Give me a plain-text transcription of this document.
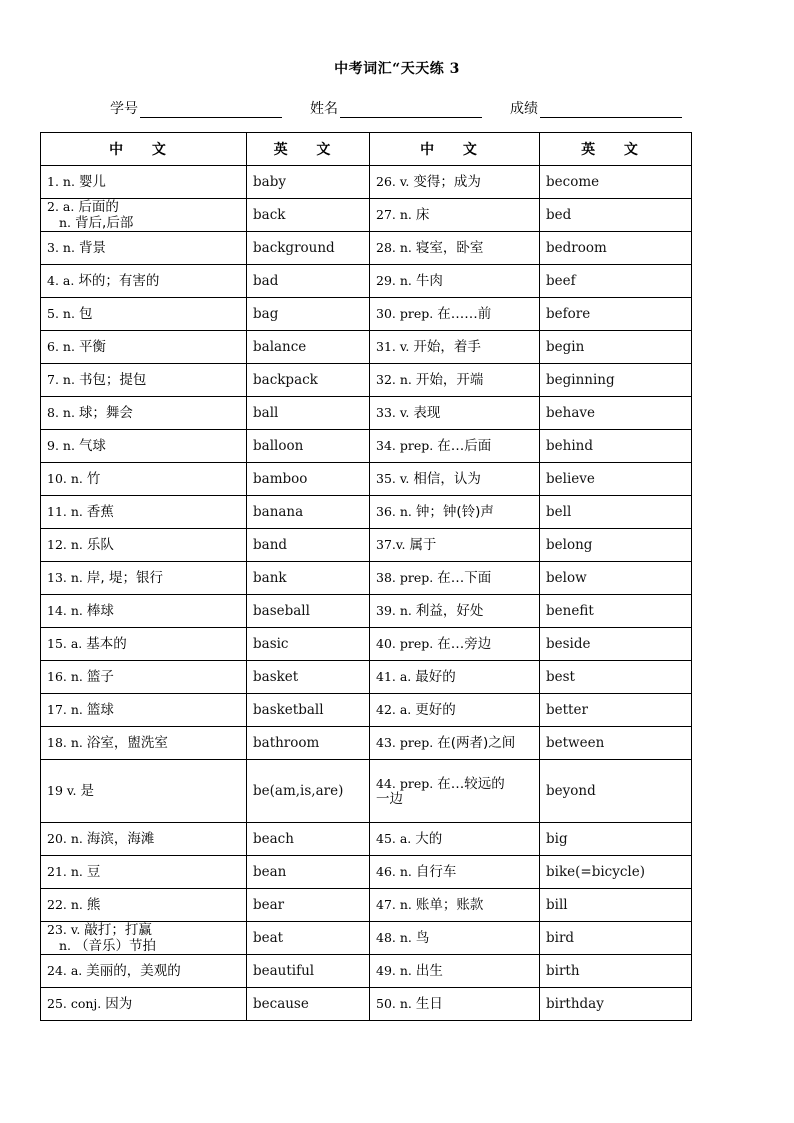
中考词汇“天天练 3
学号	姓名	成绩
中 文	英 文	中 文	英 文

1. n. 婴儿	baby	26. v. 变得；成为	become

2. a. 后面的
n. 背后,后部	back	27. n. 床	bed

3. n. 背景	background	28. n. 寝室，卧室	bedroom

4. a. 坏的；有害的	bad	29. n. 牛肉	beef

5. n. 包	bag	30. prep. 在……前	before

6. n. 平衡	balance	31. v. 开始，着手	begin

7. n. 书包；提包	backpack	32. n. 开始，开端	beginning

8. n. 球；舞会	ball	33. v. 表现	behave

9. n. 气球	balloon	34. prep. 在…后面	behind

10. n. 竹	bamboo	35. v. 相信，认为	believe

11. n. 香蕉	banana	36. n. 钟；钟(铃)声	bell

12. n. 乐队	band	37.v. 属于	belong

13. n. 岸, 堤；银行	bank	38. prep. 在…下面	below

14. n. 棒球	baseball	39. n. 利益，好处	benefit

15. a. 基本的	basic	40. prep. 在…旁边	beside

16. n. 篮子	basket	41. a. 最好的	best

17. n. 篮球	basketball	42. a. 更好的	better

18. n. 浴室，盥洗室	bathroom	43. prep. 在(两者)之间	between

19 v. 是	be(am,is,are)	44. prep. 在…较远的
一边	beyond

20. n. 海滨，海滩	beach	45. a. 大的	big

21. n. 豆	bean	46. n. 自行车	bike(=bicycle)

22. n. 熊	bear	47. n. 账单；账款	bill

23. v. 敲打；打赢
n. （音乐）节拍	beat	48. n. 鸟	bird

24. a. 美丽的，美观的	beautiful	49. n. 出生	birth

25. conj. 因为	because	50. n. 生日	birthday
